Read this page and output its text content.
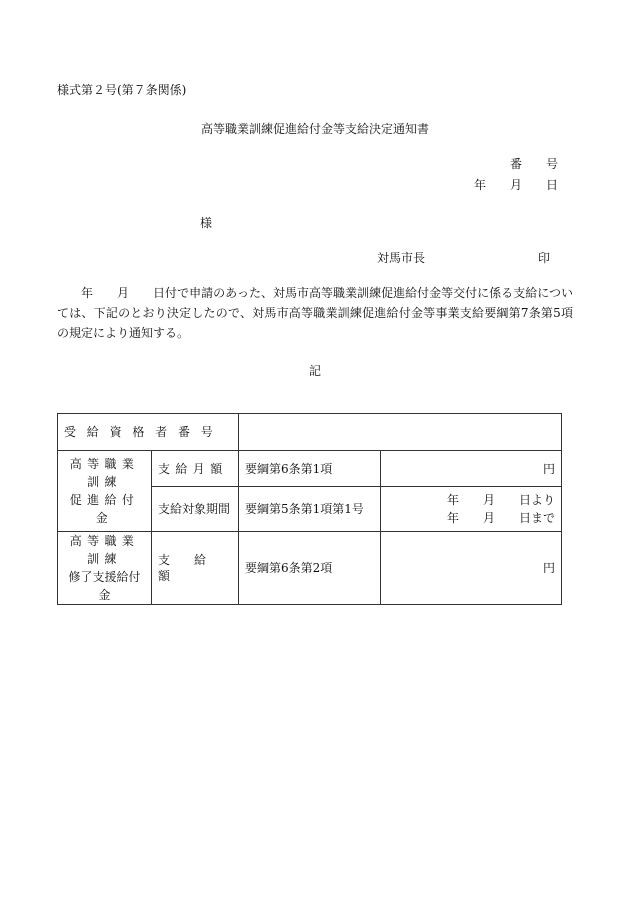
様式第２号(第７条関係)
高等職業訓練促進給付金等支給決定通知書
番　　号
年　　月　　日
様
対馬市長	印
年　　月　　日付で申請のあった、対馬市高等職業訓練促進給付金等交付に係る支給については、下記のとおり決定したので、対馬市高等職業訓練促進給付金等事業支給要綱第7条第5項の規定により通知する。
記
受給資格者番号			

高等職業訓練
促進給付金	支給月額	要綱第6条第1項	円
	支給対象期間	要綱第5条第1項第1号	年　　月　　日より
年　　月　　日まで

高等職業訓練
修了支援給付金	支　　給　　額	要綱第6条第2項	円
